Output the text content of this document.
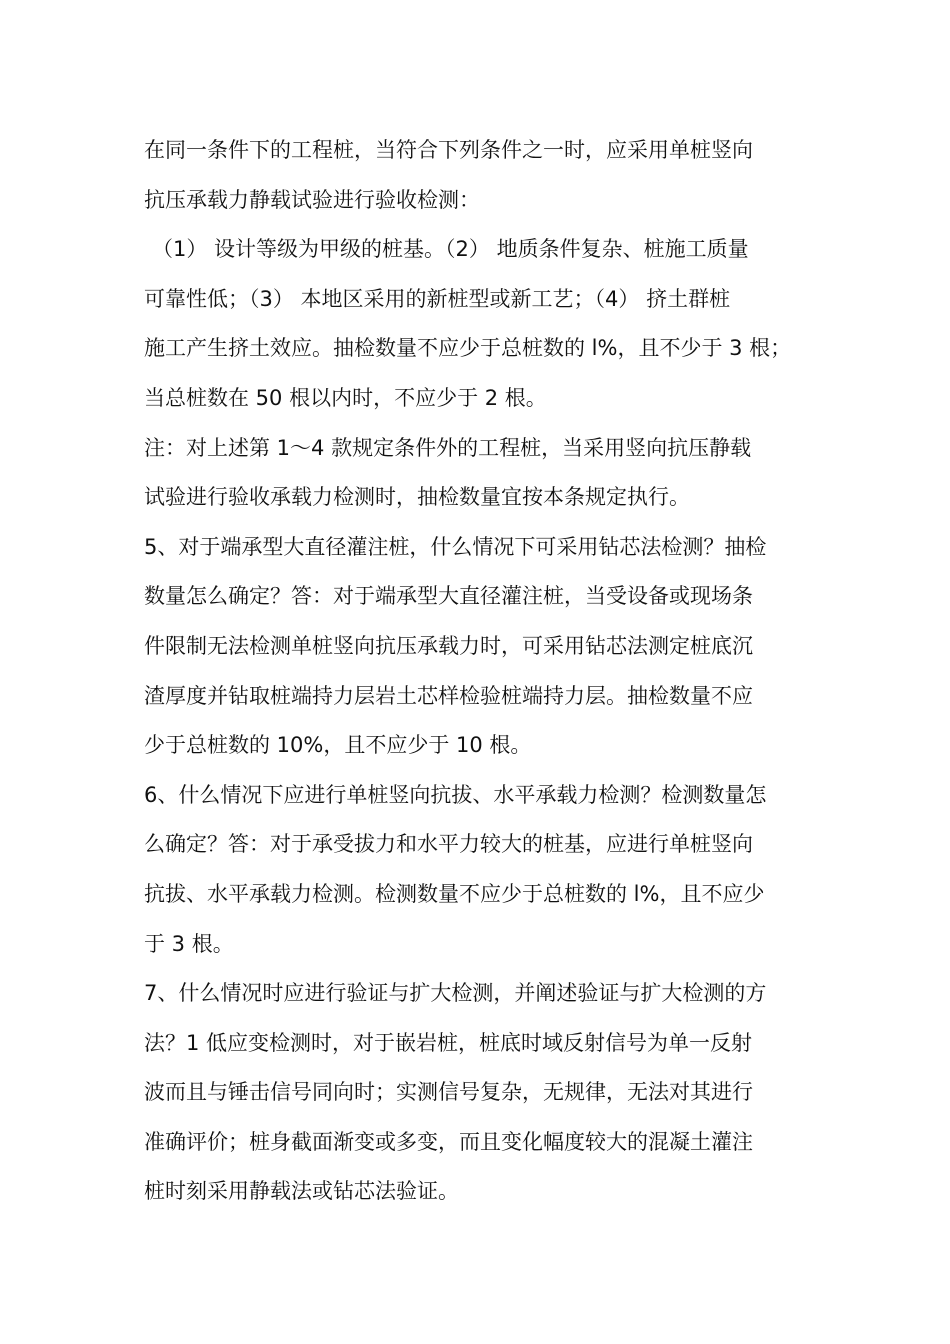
在同一条件下的工程桩，当符合下列条件之一时，应采用单桩竖向
抗压承载力静载试验进行验收检测：
（1） 设计等级为甲级的桩基。（2） 地质条件复杂、桩施工质量
可靠性低；（3） 本地区采用的新桩型或新工艺；（4） 挤土群桩
施工产生挤土效应。抽检数量不应少于总桩数的 l%，且不少于 3 根；
当总桩数在 50 根以内时，不应少于 2 根。
注：对上述第 1～4 款规定条件外的工程桩，当采用竖向抗压静载
试验进行验收承载力检测时，抽检数量宜按本条规定执行。
5、对于端承型大直径灌注桩，什么情况下可采用钻芯法检测？抽检
数量怎么确定？答：对于端承型大直径灌注桩，当受设备或现场条
件限制无法检测单桩竖向抗压承载力时，可采用钻芯法测定桩底沉
渣厚度并钻取桩端持力层岩土芯样检验桩端持力层。抽检数量不应
少于总桩数的 10%，且不应少于 10 根。
6、什么情况下应进行单桩竖向抗拔、水平承载力检测？检测数量怎
么确定？答：对于承受拔力和水平力较大的桩基，应进行单桩竖向
抗拔、水平承载力检测。检测数量不应少于总桩数的 l%，且不应少
于 3 根。
7、什么情况时应进行验证与扩大检测，并阐述验证与扩大检测的方
法？1 低应变检测时，对于嵌岩桩，桩底时域反射信号为单一反射
波而且与锤击信号同向时；实测信号复杂，无规律，无法对其进行
准确评价；桩身截面渐变或多变，而且变化幅度较大的混凝土灌注
桩时刻采用静载法或钻芯法验证。
